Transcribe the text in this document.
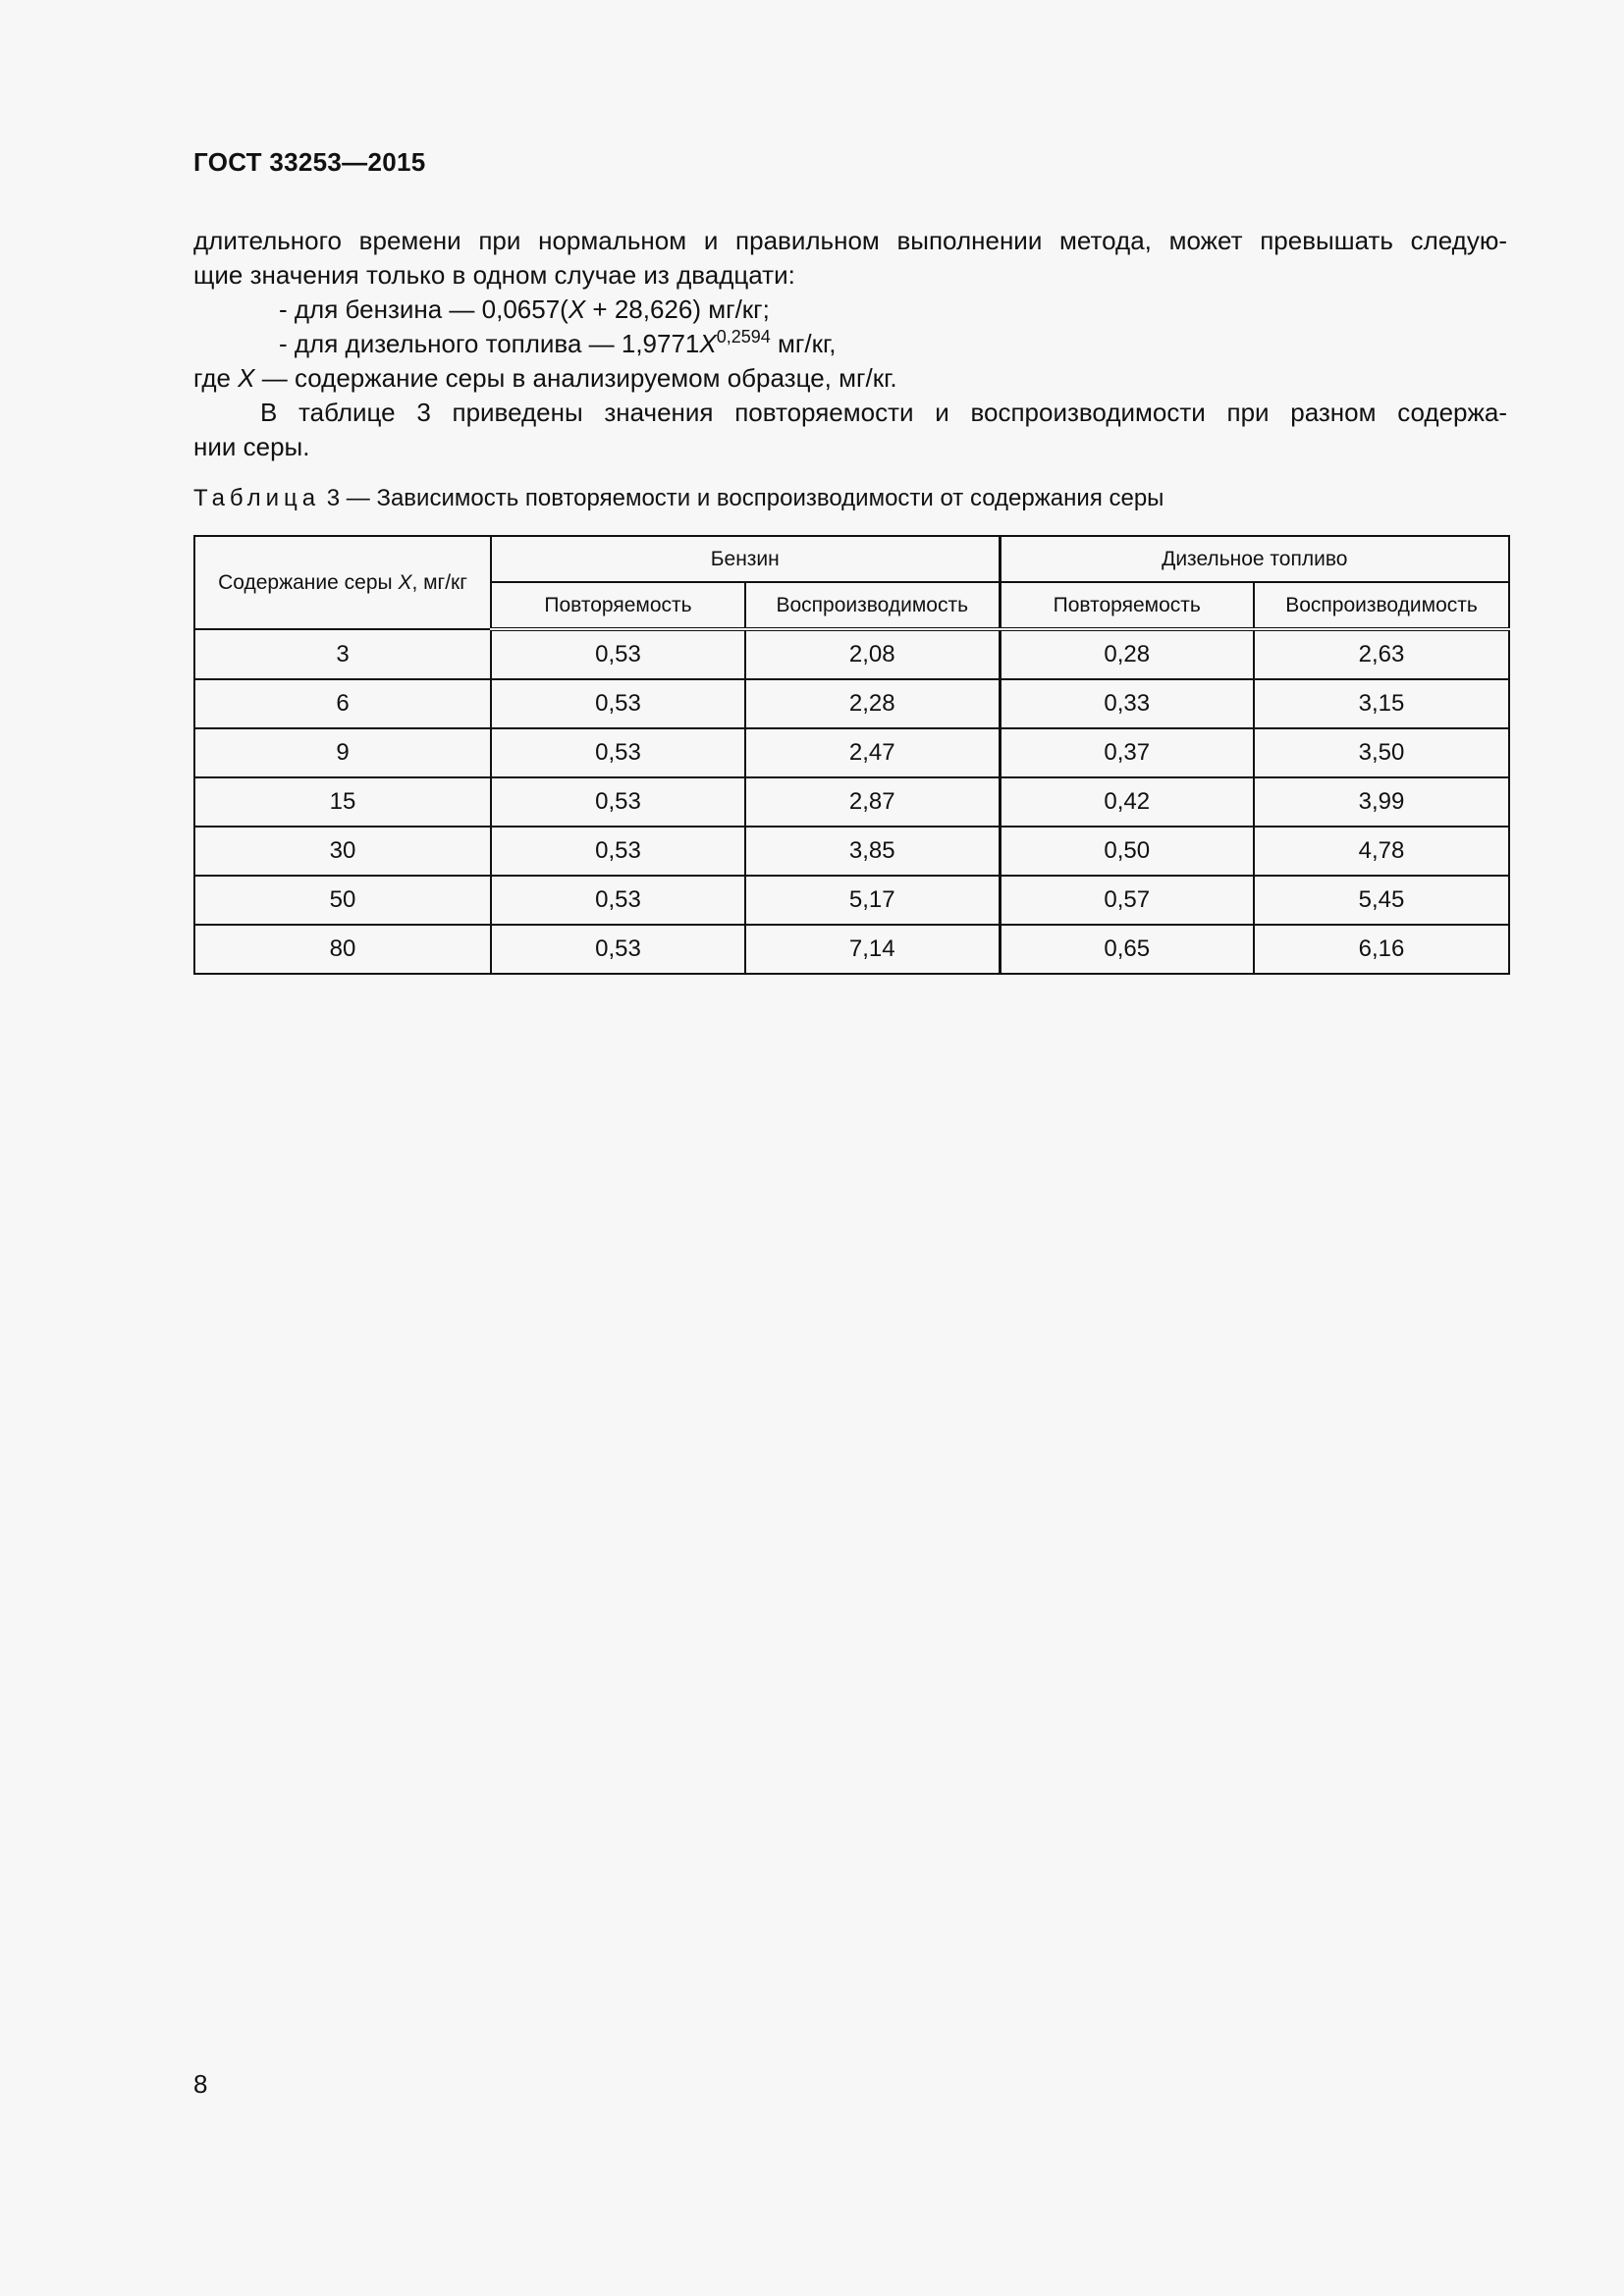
ГОСТ 33253—2015

длительного времени при нормальном и правильном выполнении метода, может превышать следую-

щие значения только в одном случае из двадцати:

- для бензина — 0,0657(X + 28,626) мг/кг;

- для дизельного топлива — $1,9771X^{0,2594}$ мг/кг,

где X — содержание серы в анализируемом образце, мг/кг.

В таблице 3 приведены значения повторяемости и воспроизводимости при разном содержа-

нии серы.

Таблица 3 — Зависимость повторяемости и воспроизводимости от содержания серы
Содержание серы X, мг/кг	Бензин		Дизельное топливо	
	Повторяемость	Воспроизводимость	Повторяемость	Воспроизводимость
3	0,53	2,08	0,28	2,63
6	0,53	2,28	0,33	3,15
9	0,53	2,47	0,37	3,50
15	0,53	2,87	0,42	3,99
30	0,53	3,85	0,50	4,78
50	0,53	5,17	0,57	5,45
80	0,53	7,14	0,65	6,16
8
